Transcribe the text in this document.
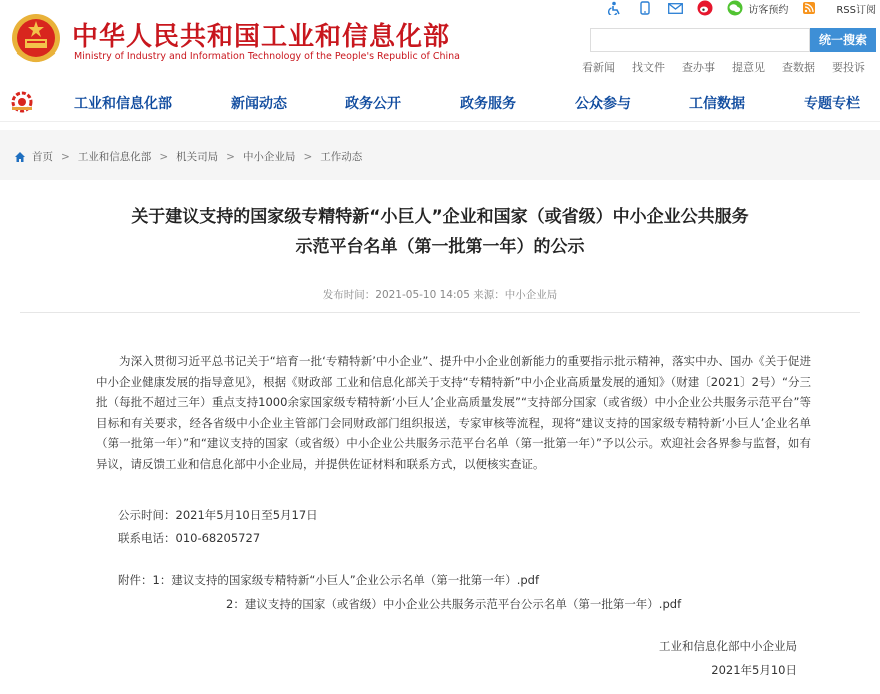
中华人民共和国工业和信息化部
Ministry of Industry and Information Technology of the People's Republic of China
访客预约	RSS订阅
统一搜索
看新闻 找文件 查办事 提意见 查数据 要投诉
工业和信息化部	新闻动态	政务公开	政务服务	公众参与	工信数据	专题专栏
首页 > 工业和信息化部 > 机关司局 > 中小企业局 > 工作动态
关于建议支持的国家级专精特新“小巨人”企业和国家（或省级）中小企业公共服务
示范平台名单（第一批第一年）的公示
发布时间：2021-05-10 14:05 来源：中小企业局
为深入贯彻习近平总书记关于“培育一批‘专精特新’中小企业”、提升中小企业创新能力的重要指示批示精神，落实中办、国办《关于促进中小企业健康发展的指导意见》，根据《财政部 工业和信息化部关于支持“专精特新”中小企业高质量发展的通知》（财建〔2021〕2号）“分三批（每批不超过三年）重点支持1000余家国家级专精特新‘小巨人’企业高质量发展”“支持部分国家（或省级）中小企业公共服务示范平台”等目标和有关要求，经各省级中小企业主管部门会同财政部门组织报送，专家审核等流程，现将“建议支持的国家级专精特新‘小巨人’企业名单（第一批第一年）”和“建议支持的国家（或省级）中小企业公共服务示范平台名单（第一批第一年）”予以公示。欢迎社会各界参与监督，如有异议，请反馈工业和信息化部中小企业局，并提供佐证材料和联系方式，以便核实查证。
公示时间：2021年5月10日至5月17日
联系电话：010-68205727
附件：1：建议支持的国家级专精特新“小巨人”企业公示名单（第一批第一年）.pdf
2：建议支持的国家（或省级）中小企业公共服务示范平台公示名单（第一批第一年）.pdf
工业和信息化部中小企业局
2021年5月10日
